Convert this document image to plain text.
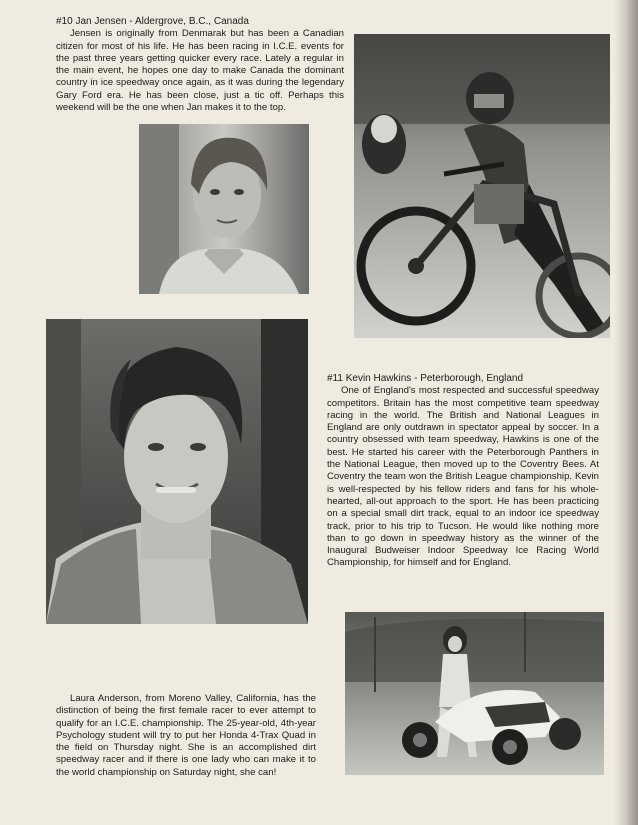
#10 Jan Jensen - Aldergrove, B.C., Canada

Jensen is originally from Denmarak but has been a Canadian citizen for most of his life. He has been racing in I.C.E. events for the past three years getting quicker every race. Lately a regular in the main event, he hopes one day to make Canada the dominant country in ice speedway once again, as it was during the legendary Gary Ford era. He has been close, just a tic off. Perhaps this weekend will be the one when Jan makes it to the top.

#11 Kevin Hawkins - Peterborough, England

One of England's most respected and successful speedway competitors. Britain has the most competitive team speedway racing in the world. The British and National Leagues in England are only outdrawn in spectator appeal by soccer. In a country obsessed with team speedway, Hawkins is one of the best. He started his career with the Peterborough Panthers in the National League, then moved up to the Coventry Bees. At Coventry the team won the British League championship. Kevin is well-respected by his fellow riders and fans for his whole-hearted, all-out approach to the sport. He has been practicing on a special small dirt track, equal to an indoor ice speedway track, prior to his trip to Tucson. He would like nothing more than to go down in speedway history as the winner of the Inaugural Budweiser Indoor Speedway Ice Racing World Championship, for himself and for England.

Laura Anderson, from Moreno Valley, California, has the distinction of being the first female racer to ever attempt to qualify for an I.C.E. championship. The 25-year-old, 4th-year Psychology student will try to put her Honda 4-Trax Quad in the field on Thursday night. She is an accomplished dirt speedway racer and if there is one lady who can make it to the world championship on Saturday night, she can!
